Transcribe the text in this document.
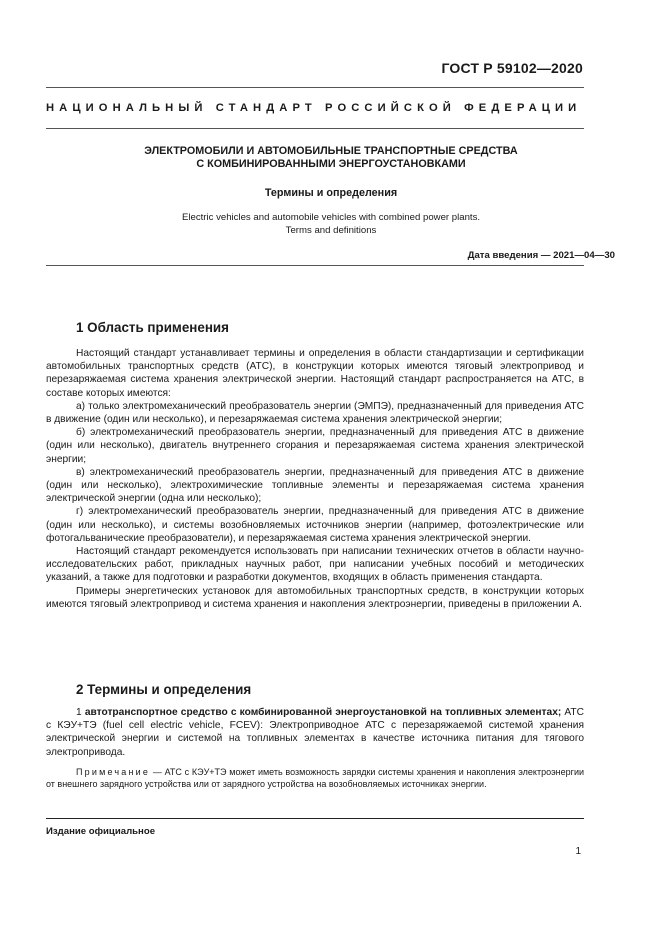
ГОСТ Р 59102—2020
НАЦИОНАЛЬНЫЙ СТАНДАРТ РОССИЙСКОЙ ФЕДЕРАЦИИ
ЭЛЕКТРОМОБИЛИ И АВТОМОБИЛЬНЫЕ ТРАНСПОРТНЫЕ СРЕДСТВА
С КОМБИНИРОВАННЫМИ ЭНЕРГОУСТАНОВКАМИ
Термины и определения
Electric vehicles and automobile vehicles with combined power plants.
Terms and definitions
Дата введения — 2021—04—30
1 Область применения

Настоящий стандарт устанавливает термины и определения в области стандартизации и сертификации автомобильных транспортных средств (АТС), в конструкции которых имеются тяговый электропривод и перезаряжаемая система хранения электрической энергии. Настоящий стандарт распространяется на АТС, в составе которых имеются:

а) только электромеханический преобразователь энергии (ЭМПЭ), предназначенный для приведения АТС в движение (один или несколько), и перезаряжаемая система хранения электрической энергии;

б) электромеханический преобразователь энергии, предназначенный для приведения АТС в движение (один или несколько), двигатель внутреннего сгорания и перезаряжаемая система хранения электрической энергии;

в) электромеханический преобразователь энергии, предназначенный для приведения АТС в движение (один или несколько), электрохимические топливные элементы и перезаряжаемая система хранения электрической энергии (одна или несколько);

г) электромеханический преобразователь энергии, предназначенный для приведения АТС в движение (один или несколько), и системы возобновляемых источников энергии (например, фотоэлектрические или фотогальванические преобразователи), и перезаряжаемая система хранения электрической энергии.

Настоящий стандарт рекомендуется использовать при написании технических отчетов в области научно-исследовательских работ, прикладных научных работ, при написании учебных пособий и методических указаний, а также для подготовки и разработки документов, входящих в область применения стандарта.

Примеры энергетических установок для автомобильных транспортных средств, в конструкции которых имеются тяговый электропривод и система хранения и накопления электроэнергии, приведены в приложении А.

2 Термины и определения

1 автотранспортное средство с комбинированной энергоустановкой на топливных элементах; АТС с КЭУ+ТЭ (fuel cell electric vehicle, FCEV): Электроприводное АТС с перезаряжаемой системой хранения электрической энергии и системой на топливных элементах в качестве источника питания для тягового электропривода.

Примечание — АТС с КЭУ+ТЭ может иметь возможность зарядки системы хранения и накопления электроэнергии от внешнего зарядного устройства или от зарядного устройства на возобновляемых источниках энергии.

Издание официальное
1
